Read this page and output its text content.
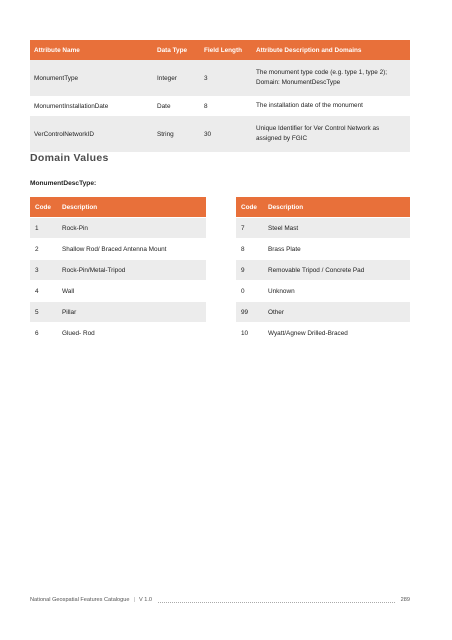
Attribute Name	Data Type	Field Length	Attribute Description and Domains
MonumentType	Integer	3	The monument type code (e.g. type 1, type 2);
Domain: MonumentDescType

MonumentInstallationDate	Date	8	The installation date of the monument

VerControlNetworkID	String	30	Unique Identifier for Ver Control Network as
assigned by FGIC
Domain Values
MonumentDescType:
Code	Description
1	Rock-Pin
2	Shallow Rod/ Braced Antenna Mount
3	Rock-Pin/Metal-Tripod
4	Wall
5	Pillar
6	Glued- Rod
Code	Description
7	Steel Mast
8	Brass Plate
9	Removable Tripod / Concrete Pad
0	Unknown
99	Other
10	Wyatt/Agnew Drilled-Braced
National Geospatial Features Catalogue | V 1.0	289
